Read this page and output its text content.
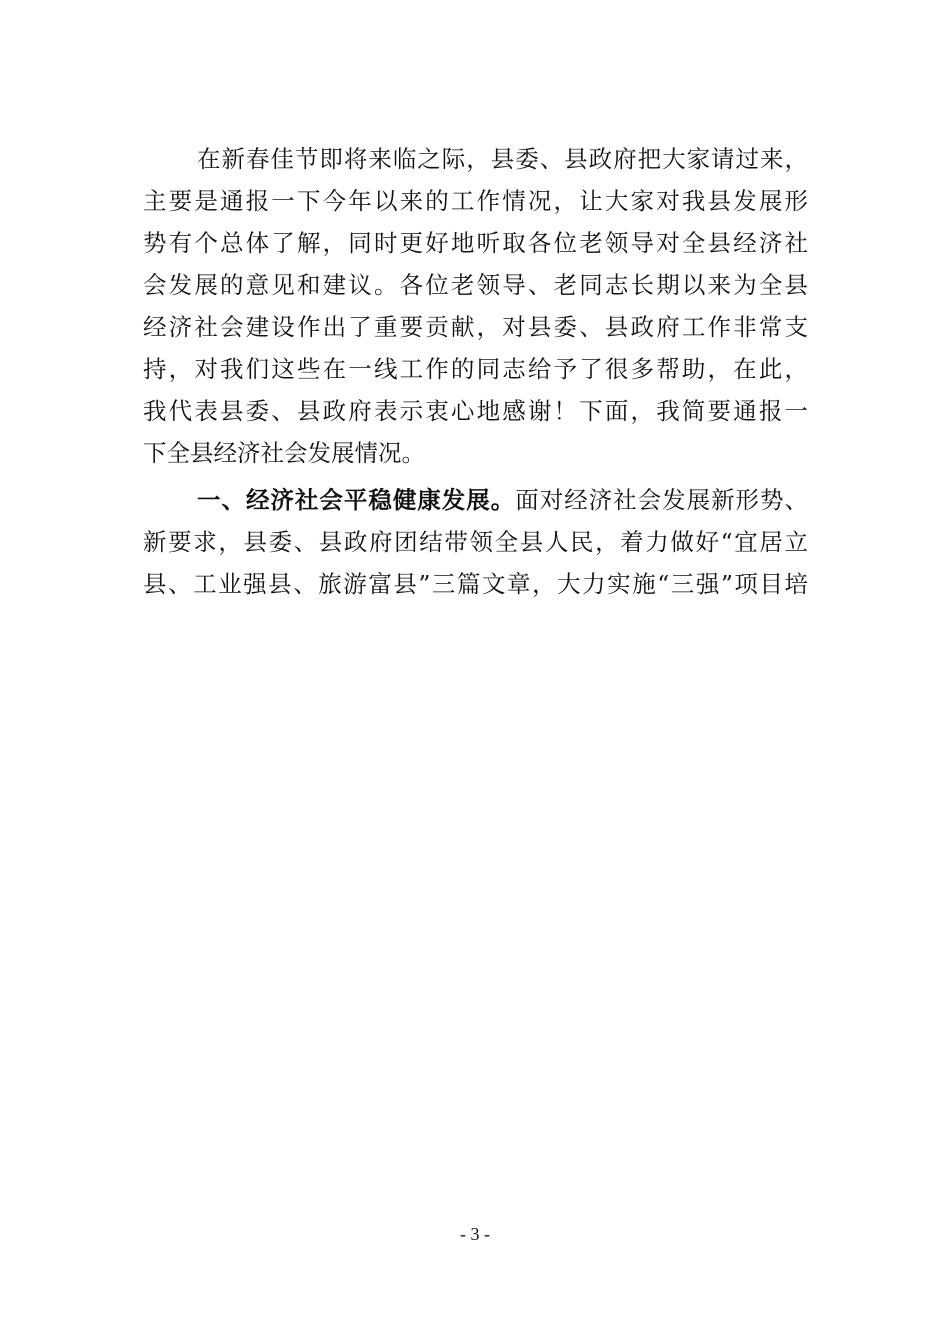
在新春佳节即将来临之际，县委、县政府把大家请过来，
主要是通报一下今年以来的工作情况，让大家对我县发展形
势有个总体了解，同时更好地听取各位老领导对全县经济社
会发展的意见和建议。各位老领导、老同志长期以来为全县
经济社会建设作出了重要贡献，对县委、县政府工作非常支
持，对我们这些在一线工作的同志给予了很多帮助，在此，
我代表县委、县政府表示衷心地感谢！下面，我简要通报一
下全县经济社会发展情况。
一、经济社会平稳健康发展。面对经济社会发展新形势、
新要求，县委、县政府团结带领全县人民，着力做好“宜居立
县、工业强县、旅游富县”三篇文章，大力实施“三强”项目培
- 3 -
